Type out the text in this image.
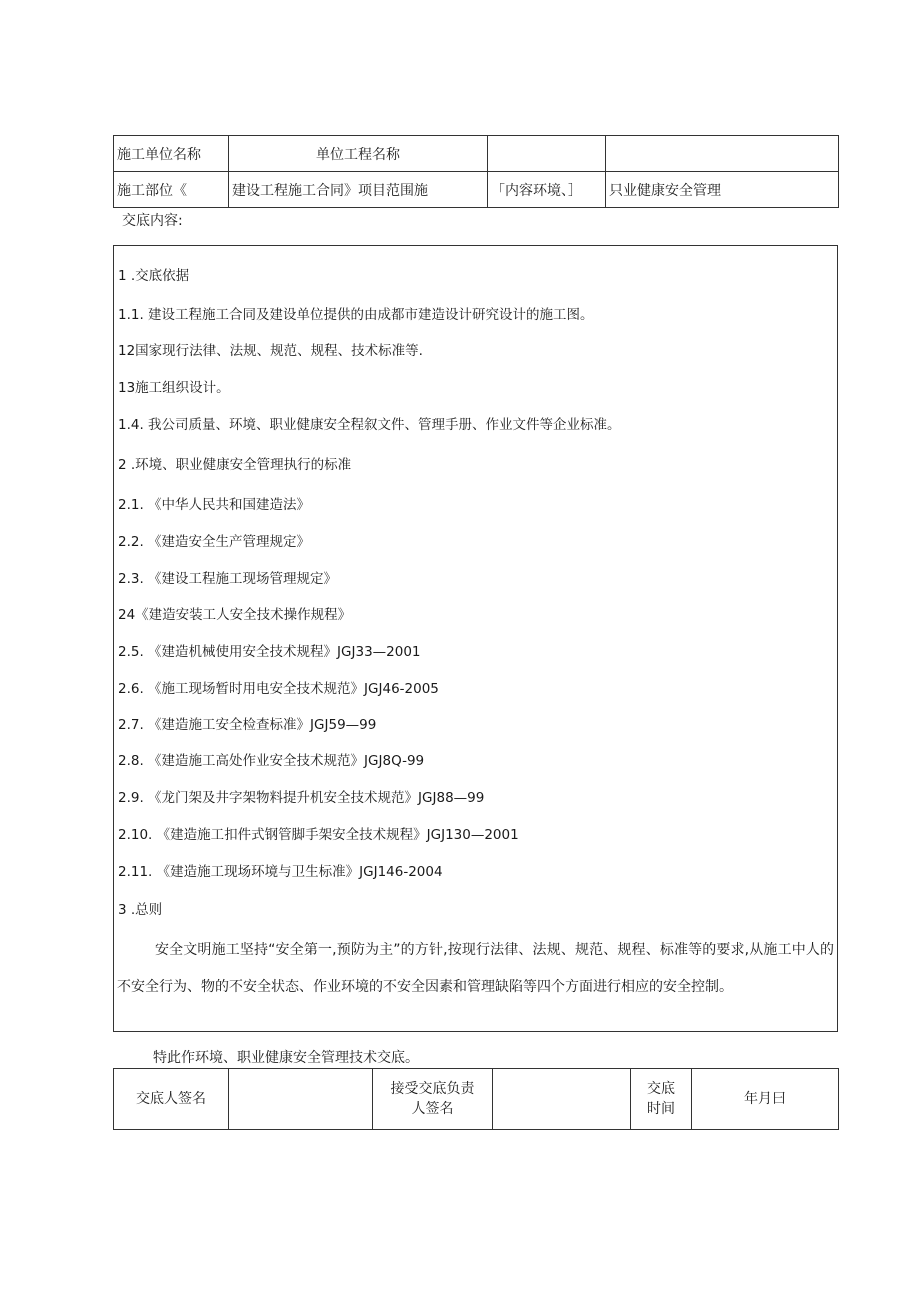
施工单位名称	单位工程名称		
施工部位《	建设工程施工合同》项目范围施	「内容环境、］	只业健康安全管理
交底内容:
1 .交底依据
1.1. 建设工程施工合同及建设单位提供的由成都市建造设计研究设计的施工图。
12国家现行法律、法规、规范、规程、技术标准等.
13施工组织设计。
1.4. 我公司质量、环境、职业健康安全程叙文件、管理手册、作业文件等企业标准。
2 .环境、职业健康安全管理执行的标准
2.1. 《中华人民共和国建造法》
2.2. 《建造安全生产管理规定》
2.3. 《建设工程施工现场管理规定》
24《建造安装工人安全技术操作规程》
2.5. 《建造机械使用安全技术规程》JGJ33—2001
2.6. 《施工现场暂时用电安全技术规范》JGJ46-2005
2.7. 《建造施工安全检查标准》JGJ59—99
2.8. 《建造施工高处作业安全技术规范》JGJ8Q-99
2.9. 《龙门架及井字架物料提升机安全技术规范》JGJ88—99
2.10. 《建造施工扣件式钢管脚手架安全技术规程》JGJ130—2001
2.11. 《建造施工现场环境与卫生标准》JGJ146-2004
3 .总则
安全文明施工坚持“安全第一,预防为主”的方针,按现行法律、法规、规范、规程、标准等的要求,从施工中人的不安全行为、物的不安全状态、作业环境的不安全因素和管理缺陷等四个方面进行相应的安全控制。
特此作环境、职业健康安全管理技术交底。
交底人签名		接受交底负责人签名		交底时间	年月曰
